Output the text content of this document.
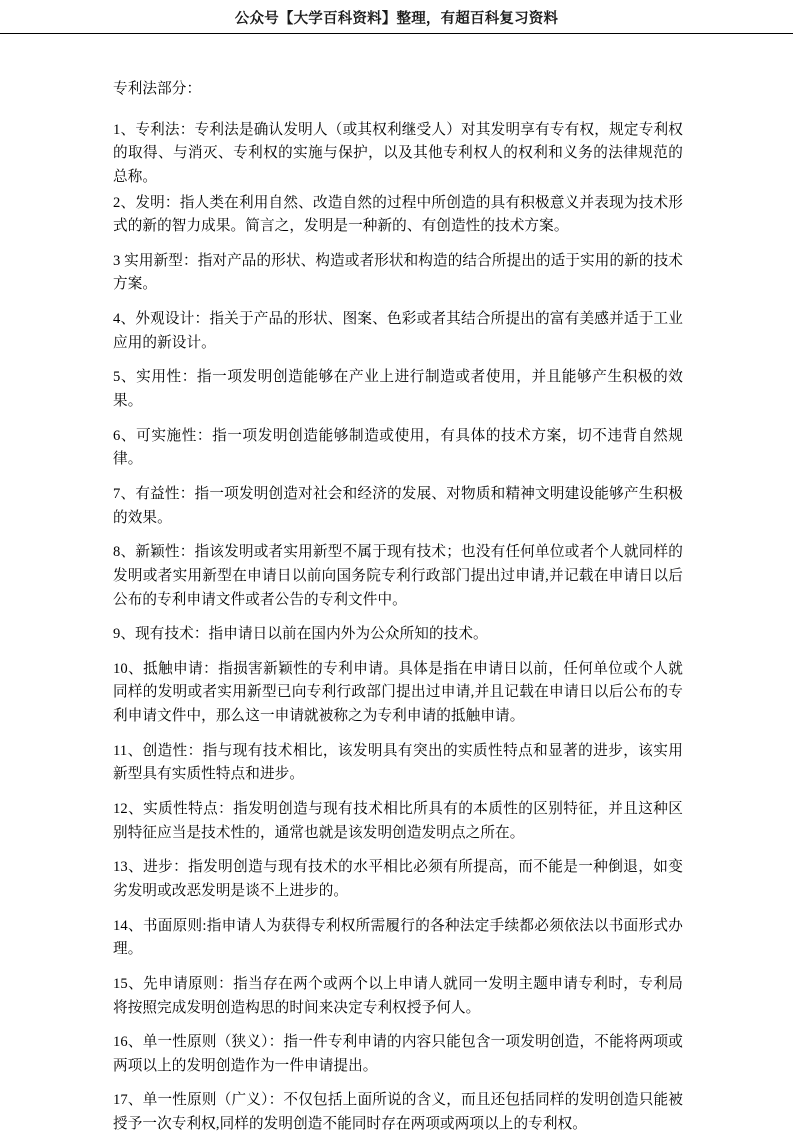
公众号【大学百科资料】整理，有超百科复习资料

专利法部分：

1、专利法：专利法是确认发明人（或其权利继受人）对其发明享有专有权，规定专利权的取得、与消灭、专利权的实施与保护，以及其他专利权人的权利和义务的法律规范的总称。

2、发明：指人类在利用自然、改造自然的过程中所创造的具有积极意义并表现为技术形式的新的智力成果。简言之，发明是一种新的、有创造性的技术方案。

3 实用新型：指对产品的形状、构造或者形状和构造的结合所提出的适于实用的新的技术方案。

4、外观设计：指关于产品的形状、图案、色彩或者其结合所提出的富有美感并适于工业应用的新设计。

5、实用性：指一项发明创造能够在产业上进行制造或者使用，并且能够产生积极的效果。

6、可实施性：指一项发明创造能够制造或使用，有具体的技术方案，切不违背自然规律。

7、有益性：指一项发明创造对社会和经济的发展、对物质和精神文明建设能够产生积极的效果。

8、新颖性：指该发明或者实用新型不属于现有技术；也没有任何单位或者个人就同样的发明或者实用新型在申请日以前向国务院专利行政部门提出过申请,并记载在申请日以后公布的专利申请文件或者公告的专利文件中。

9、现有技术：指申请日以前在国内外为公众所知的技术。

10、抵触申请：指损害新颖性的专利申请。具体是指在申请日以前，任何单位或个人就同样的发明或者实用新型已向专利行政部门提出过申请,并且记载在申请日以后公布的专利申请文件中，那么这一申请就被称之为专利申请的抵触申请。

11、创造性：指与现有技术相比，该发明具有突出的实质性特点和显著的进步，该实用新型具有实质性特点和进步。

12、实质性特点：指发明创造与现有技术相比所具有的本质性的区别特征，并且这种区别特征应当是技术性的，通常也就是该发明创造发明点之所在。

13、进步：指发明创造与现有技术的水平相比必须有所提高，而不能是一种倒退，如变劣发明或改恶发明是谈不上进步的。

14、书面原则:指申请人为获得专利权所需履行的各种法定手续都必须依法以书面形式办理。

15、先申请原则：指当存在两个或两个以上申请人就同一发明主题申请专利时，专利局将按照完成发明创造构思的时间来决定专利权授予何人。

16、单一性原则（狭义）：指一件专利申请的内容只能包含一项发明创造，不能将两项或两项以上的发明创造作为一件申请提出。

17、单一性原则（广义）：不仅包括上面所说的含义，而且还包括同样的发明创造只能被授予一次专利权,同样的发明创造不能同时存在两项或两项以上的专利权。
